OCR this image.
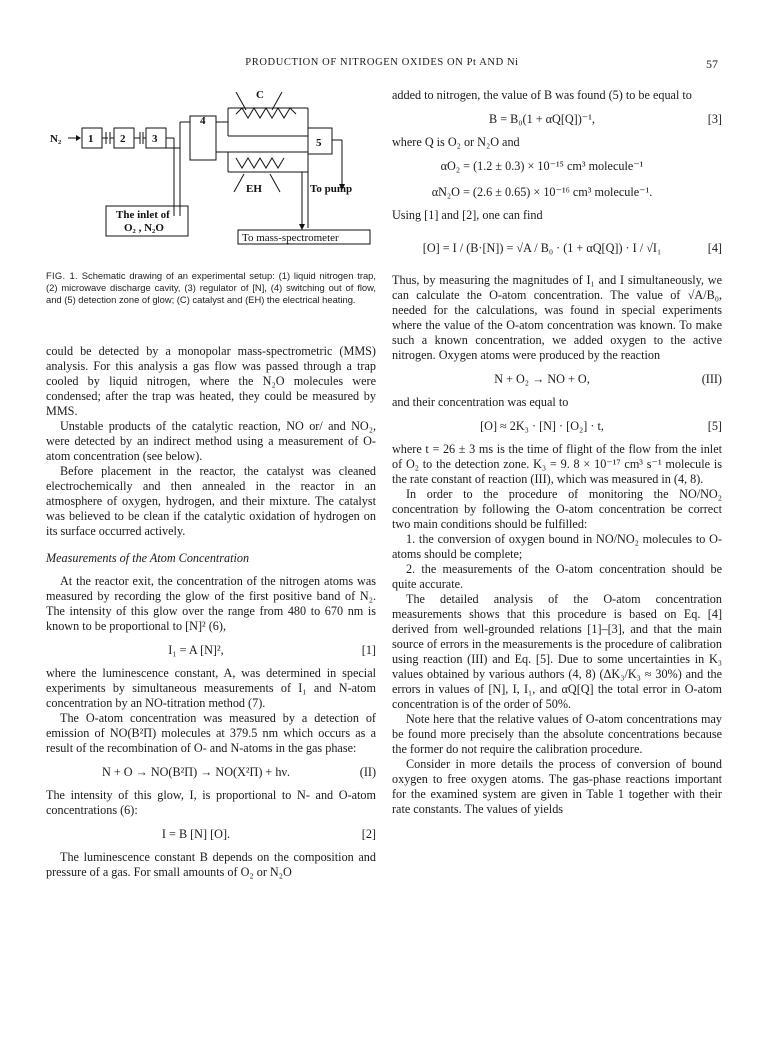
PRODUCTION OF NITROGEN OXIDES ON Pt AND Ni	57
N₂ 1 2 3
4
5
C
EH	To pump
The inlet of
O₂ , N₂O
To mass-spectrometer
FIG. 1. Schematic drawing of an experimental setup: (1) liquid nitrogen trap, (2) microwave discharge cavity, (3) regulator of [N], (4) switching out of flow, and (5) detection zone of glow; (C) catalyst and (EH) the electrical heating.

could be detected by a monopolar mass-spectrometric (MMS) analysis. For this analysis a gas flow was passed through a trap cooled by liquid nitrogen, where the N₂O molecules were condensed; after the trap was heated, they could be measured by MMS.

Unstable products of the catalytic reaction, NO or/ and NO₂, were detected by an indirect method using a measurement of O-atom concentration (see below).

Before placement in the reactor, the catalyst was cleaned electrochemically and then annealed in the reactor in an atmosphere of oxygen, hydrogen, and their mixture. The catalyst was believed to be clean if the catalytic oxidation of hydrogen on its surface occurred actively.

Measurements of the Atom Concentration

At the reactor exit, the concentration of the nitrogen atoms was measured by recording the glow of the first positive band of N₂. The intensity of this glow over the range from 480 to 670 nm is known to be proportional to [N]² (6),

I₁ = A [N]²,	[1]

where the luminescence constant, A, was determined in special experiments by simultaneous measurements of I₁ and N-atom concentration by an NO-titration method (7).

The O-atom concentration was measured by a detection of emission of NO(B²Π) molecules at 379.5 nm which occurs as a result of the recombination of O- and N-atoms in the gas phase:

N + O → NO(B²Π) → NO(X²Π) + hν.	(II)

The intensity of this glow, I, is proportional to N- and O-atom concentrations (6):

I = B [N] [O].	[2]

The luminescence constant B depends on the composition and pressure of a gas. For small amounts of O₂ or N₂O

added to nitrogen, the value of B was found (5) to be equal to

B = B₀(1 + αQ[Q])⁻¹,	[3]

where Q is O₂ or N₂O and

αO₂ = (1.2 ± 0.3) × 10⁻¹⁵ cm³ molecule⁻¹
αN₂O = (2.6 ± 0.65) × 10⁻¹⁶ cm³ molecule⁻¹.

Using [1] and [2], one can find

[O] = I / (B·[N]) = √A / B₀ · (1 + αQ[Q]) · I / √I₁	[4]

Thus, by measuring the magnitudes of I₁ and I simultaneously, we can calculate the O-atom concentration. The value of √A/B₀, needed for the calculations, was found in special experiments where the value of the O-atom concentration was known. To make such a known concentration, we added oxygen to the active nitrogen. Oxygen atoms were produced by the reaction

N + O₂ → NO + O,	(III)

and their concentration was equal to

[O] ≈ 2K₃ · [N] · [O₂] · t,	[5]

where t = 26 ± 3 ms is the time of flight of the flow from the inlet of O₂ to the detection zone. K₃ = 9. 8 × 10⁻¹⁷ cm³ s⁻¹ molecule is the rate constant of reaction (III), which was measured in (4, 8).

In order to the procedure of monitoring the NO/NO₂ concentration by following the O-atom concentration be correct two main conditions should be fulfilled:

1. the conversion of oxygen bound in NO/NO₂ molecules to O-atoms should be complete;

2. the measurements of the O-atom concentration should be quite accurate.

The detailed analysis of the O-atom concentration measurements shows that this procedure is based on Eq. [4] derived from well-grounded relations [1]–[3], and that the main source of errors in the measurements is the procedure of calibration using reaction (III) and Eq. [5]. Due to some uncertainties in K₃ values obtained by various authors (4, 8) (ΔK₃/K₃ ≈ 30%) and the errors in values of [N], I, I₁, and αQ[Q] the total error in O-atom concentration is of the order of 50%.

Note here that the relative values of O-atom concentrations may be found more precisely than the absolute concentrations because the former do not require the calibration procedure.

Consider in more details the process of conversion of bound oxygen to free oxygen atoms. The gas-phase reactions important for the examined system are given in Table 1 together with their rate constants. The values of yields
